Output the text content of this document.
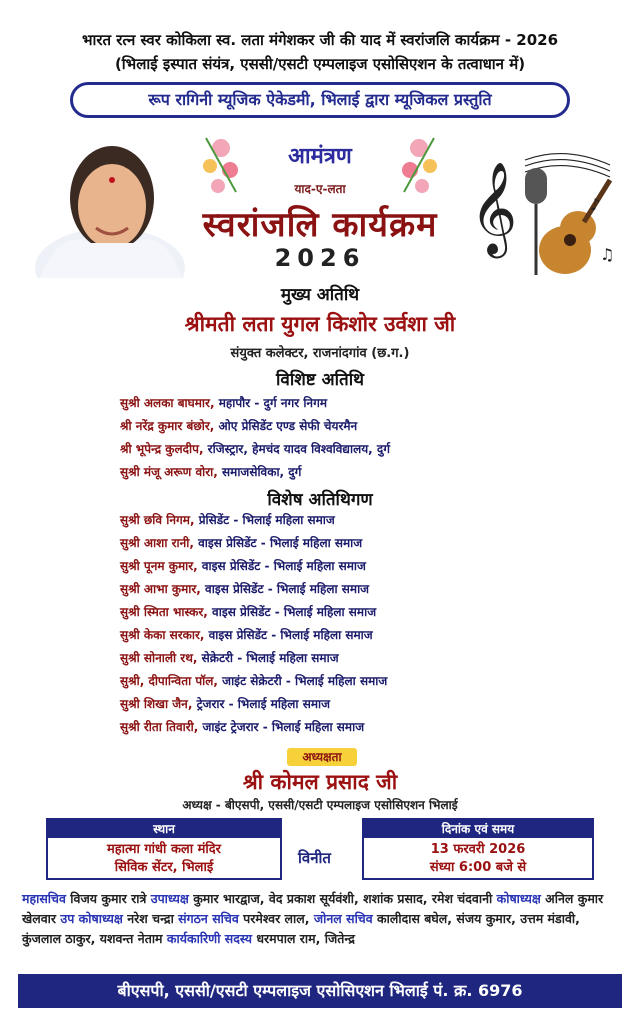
भारत रत्न स्वर कोकिला स्व. लता मंगेशकर जी की याद में स्वरांजलि कार्यक्रम - 2026
(भिलाई इस्पात संयंत्र, एससी/एसटी एम्पलाइज एसोसिएशन के तत्वाधान में)
रूप रागिनी म्यूजिक ऐकेडमी, भिलाई द्वारा म्यूजिकल प्रस्तुति
𝄞	♪
♫
आमंत्रण
याद-ए-लता
स्वरांजलि कार्यक्रम
2026
मुख्य अतिथि
श्रीमती लता युगल किशोर उर्वशा जी
संयुक्त कलेक्टर, राजनांदगांव (छ.ग.)
विशिष्ट अतिथि
सुश्री अलका बाघमार, महापौर - दुर्ग नगर निगम
श्री नरेंद्र कुमार बंछोर, ओए प्रेसिडेंट एण्ड सेफी चेयरमैन
श्री भूपेन्द्र कुलदीप, रजिस्ट्रार, हेमचंद यादव विश्वविद्यालय, दुर्ग
सुश्री मंजू अरूण वोरा, समाजसेविका, दुर्ग
विशेष अतिथिगण
सुश्री छवि निगम, प्रेसिडेंट - भिलाई महिला समाज
सुश्री आशा रानी, वाइस प्रेसिडेंट - भिलाई महिला समाज
सुश्री पूनम कुमार, वाइस प्रेसिडेंट - भिलाई महिला समाज
सुश्री आभा कुमार, वाइस प्रेसिडेंट - भिलाई महिला समाज
सुश्री स्मिता भास्कर, वाइस प्रेसिडेंट - भिलाई महिला समाज
सुश्री केका सरकार, वाइस प्रेसिडेंट - भिलाई महिला समाज
सुश्री सोनाली रथ, सेक्रेटरी - भिलाई महिला समाज
सुश्री, दीपान्विता पॉल, जाइंट सेक्रेटरी - भिलाई महिला समाज
सुश्री शिखा जैन, ट्रेजरार - भिलाई महिला समाज
सुश्री रीता तिवारी, जाइंट ट्रेजरार - भिलाई महिला समाज
अध्यक्षता
श्री कोमल प्रसाद जी
अध्यक्ष - बीएसपी, एससी/एसटी एम्पलाइज एसोसिएशन भिलाई
स्थान
महात्मा गांधी कला मंदिर
सिविक सेंटर, भिलाई
विनीत
दिनांक एवं समय
13 फरवरी 2026
संध्या 6:00 बजे से
महासचिव विजय कुमार रात्रे उपाध्यक्ष कुमार भारद्वाज, वेद प्रकाश सूर्यवंशी, शशांक प्रसाद, रमेश चंदवानी कोषाध्यक्ष अनिल कुमार खेलवार उप कोषाध्यक्ष नरेश चन्द्रा संगठन सचिव परमेश्वर लाल, जोनल सचिव कालीदास बघेल, संजय कुमार, उत्तम मंडावी, कुंजलाल ठाकुर, यशवन्त नेताम कार्यकारिणी सदस्य धरमपाल राम, जितेन्द्र
बीएसपी, एससी/एसटी एम्पलाइज एसोसिएशन भिलाई पं. क्र. 6976
